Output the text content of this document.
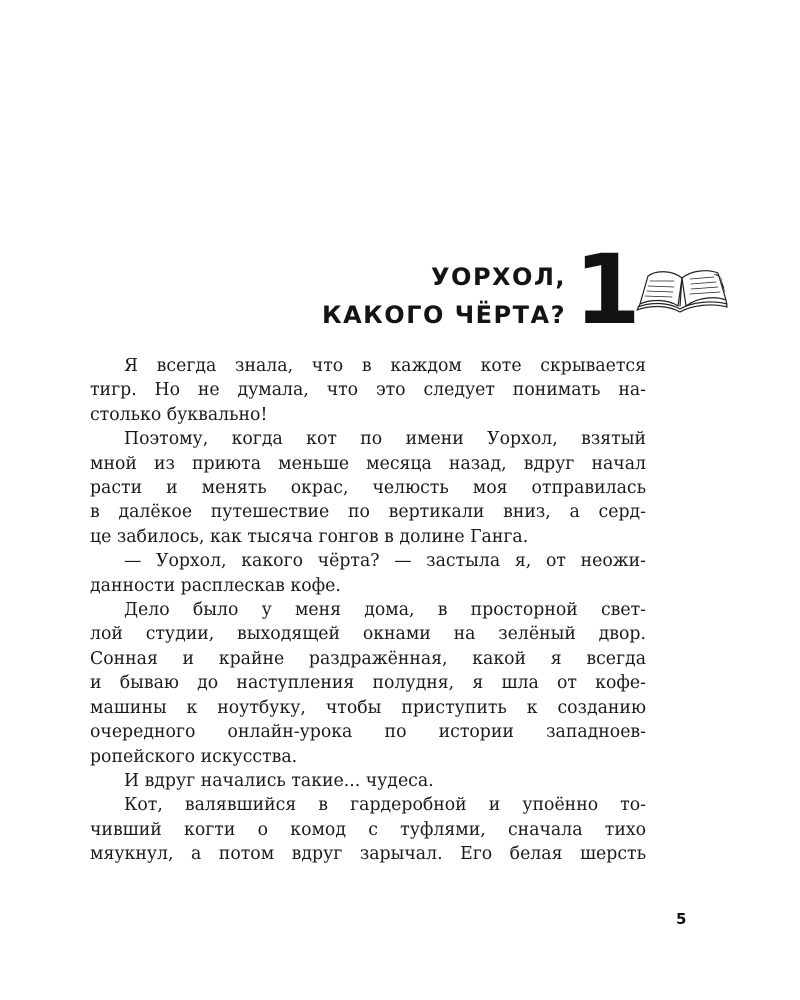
УОРХОЛ,
КАКОГО ЧЁРТА? 1
Я всегда знала, что в каждом коте скрывается
тигр. Но не думала, что это следует понимать на-
столько буквально!
Поэтому, когда кот по имени Уорхол, взятый
мной из приюта меньше месяца назад, вдруг начал
расти и менять окрас, челюсть моя отправилась
в далёкое путешествие по вертикали вниз, а серд-
це забилось, как тысяча гонгов в долине Ганга.
— Уорхол, какого чёрта? — застыла я, от неожи-
данности расплескав кофе.
Дело было у меня дома, в просторной свет-
лой студии, выходящей окнами на зелёный двор.
Сонная и крайне раздражённая, какой я всегда
и бываю до наступления полудня, я шла от кофе-
машины к ноутбуку, чтобы приступить к созданию
очередного онлайн-урока по истории западноев-
ропейского искусства.
И вдруг начались такие... чудеса.
Кот, валявшийся в гардеробной и упоённо то-
чивший когти о комод с туфлями, сначала тихо
мяукнул, а потом вдруг зарычал. Его белая шерсть
5
